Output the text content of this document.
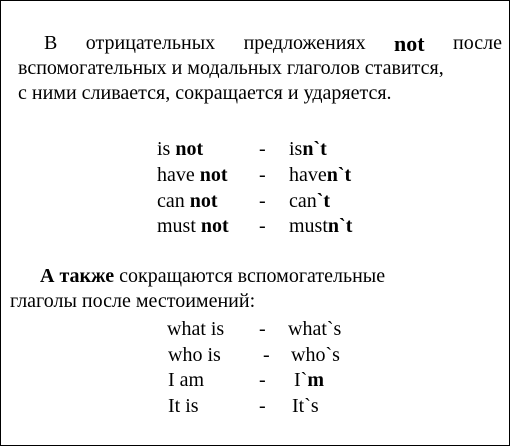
В отрицательных предложениях not после
вспомогательных и модальных глаголов ставится,
с ними сливается, сокращается и ударяется.
is not	- isn`t
have not - haven`t
can not - can`t
must not - mustn`t
А также сокращаются вспомогательные
глаголы после местоимений:
what is - what`s
who is - who`s
I am	- I`m
It is	- It`s
